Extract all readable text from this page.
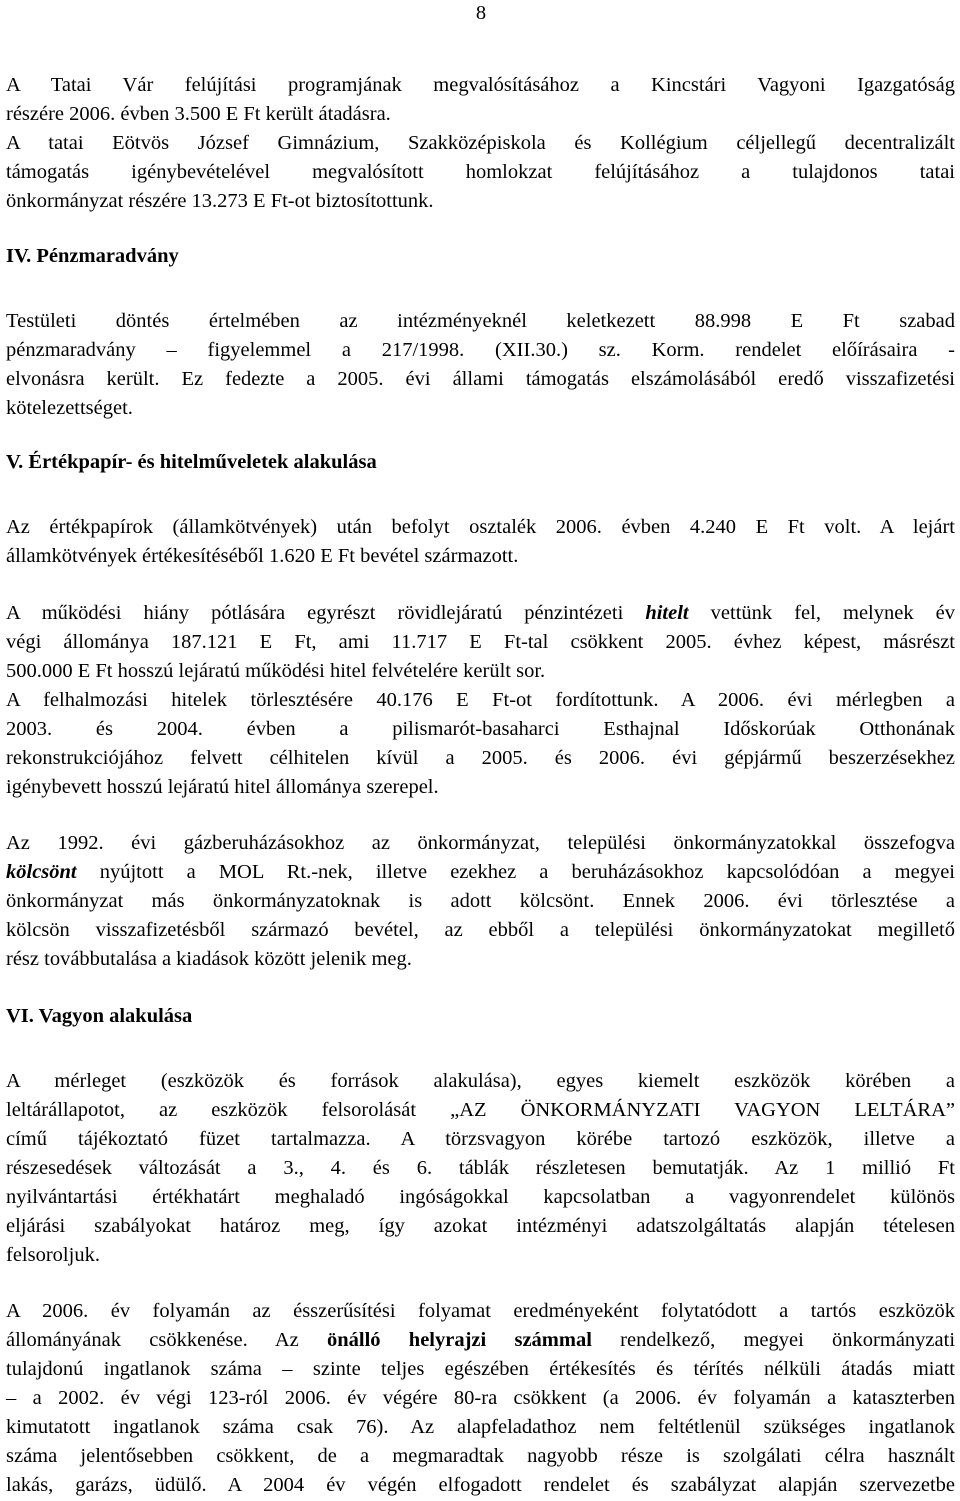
8
A Tatai Vár felújítási programjának megvalósításához a Kincstári Vagyoni Igazgatóság
részére 2006. évben 3.500 E Ft került átadásra.
A tatai Eötvös József Gimnázium, Szakközépiskola és Kollégium céljellegű decentralizált
támogatás igénybevételével megvalósított homlokzat felújításához a tulajdonos tatai
önkormányzat részére 13.273 E Ft-ot biztosítottunk.
IV. Pénzmaradvány
Testületi döntés értelmében az intézményeknél keletkezett 88.998 E Ft szabad
pénzmaradvány – figyelemmel a 217/1998. (XII.30.) sz. Korm. rendelet előírásaira -
elvonásra került. Ez fedezte a 2005. évi állami támogatás elszámolásából eredő visszafizetési
kötelezettséget.
V. Értékpapír- és hitelműveletek alakulása
Az értékpapírok (államkötvények) után befolyt osztalék 2006. évben 4.240 E Ft volt. A lejárt
államkötvények értékesítéséből 1.620 E Ft bevétel származott.
A működési hiány pótlására egyrészt rövidlejáratú pénzintézeti hitelt vettünk fel, melynek év
végi állománya 187.121 E Ft, ami 11.717 E Ft-tal csökkent 2005. évhez képest, másrészt
500.000 E Ft hosszú lejáratú működési hitel felvételére került sor.
A felhalmozási hitelek törlesztésére 40.176 E Ft-ot fordítottunk. A 2006. évi mérlegben a
2003. és 2004. évben a pilismarót-basaharci Esthajnal Időskorúak Otthonának
rekonstrukciójához felvett célhitelen kívül a 2005. és 2006. évi gépjármű beszerzésekhez
igénybevett hosszú lejáratú hitel állománya szerepel.
Az 1992. évi gázberuházásokhoz az önkormányzat, települési önkormányzatokkal összefogva
kölcsönt nyújtott a MOL Rt.-nek, illetve ezekhez a beruházásokhoz kapcsolódóan a megyei
önkormányzat más önkormányzatoknak is adott kölcsönt. Ennek 2006. évi törlesztése a
kölcsön visszafizetésből származó bevétel, az ebből a települési önkormányzatokat megillető
rész továbbutalása a kiadások között jelenik meg.
VI. Vagyon alakulása
A mérleget (eszközök és források alakulása), egyes kiemelt eszközök körében a
leltárállapotot, az eszközök felsorolását „AZ ÖNKORMÁNYZATI VAGYON LELTÁRA”
című tájékoztató füzet tartalmazza. A törzsvagyon körébe tartozó eszközök, illetve a
részesedések változását a 3., 4. és 6. táblák részletesen bemutatják. Az 1 millió Ft
nyilvántartási értékhatárt meghaladó ingóságokkal kapcsolatban a vagyonrendelet különös
eljárási szabályokat határoz meg, így azokat intézményi adatszolgáltatás alapján tételesen
felsoroljuk.
A 2006. év folyamán az ésszerűsítési folyamat eredményeként folytatódott a tartós eszközök
állományának csökkenése. Az önálló helyrajzi számmal rendelkező, megyei önkormányzati
tulajdonú ingatlanok száma – szinte teljes egészében értékesítés és térítés nélküli átadás miatt
– a 2002. év végi 123-ról 2006. év végére 80-ra csökkent (a 2006. év folyamán a kataszterben
kimutatott ingatlanok száma csak 76). Az alapfeladathoz nem feltétlenül szükséges ingatlanok
száma jelentősebben csökkent, de a megmaradtak nagyobb része is szolgálati célra használt
lakás, garázs, üdülő. A 2004 év végén elfogadott rendelet és szabályzat alapján szervezetbe
